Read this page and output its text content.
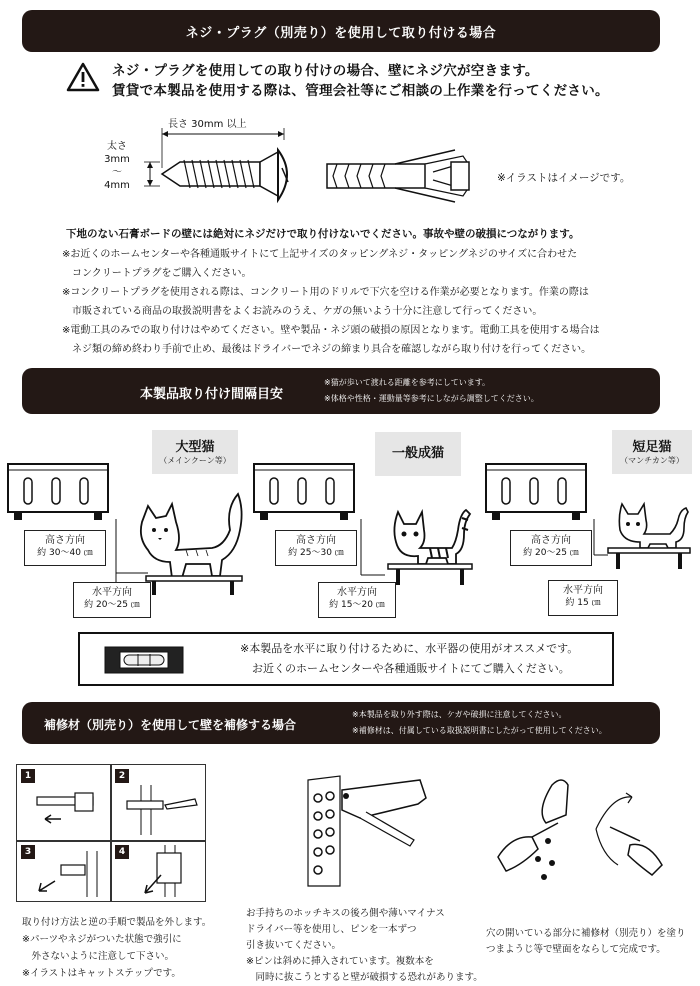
ネジ・プラグ（別売り）を使用して取り付ける場合
ネジ・プラグを使用しての取り付けの場合、壁にネジ穴が空きます。
賃貸で本製品を使用する際は、管理会社等にご相談の上作業を行ってください。
長さ 30mm 以上
太さ
3mm
～
4mm
※イラストはイメージです。
下地のない石膏ボードの壁には絶対にネジだけで取り付けないでください。事故や壁の破損につながります。
※お近くのホームセンターや各種通販サイトにて上記サイズのタッピングネジ・タッピングネジのサイズに合わせた
　コンクリートプラグをご購入ください。
※コンクリートプラグを使用される際は、コンクリート用のドリルで下穴を空ける作業が必要となります。作業の際は
　市販されている商品の取扱説明書をよくお読みのうえ、ケガの無いよう十分に注意して行ってください。
※電動工具のみでの取り付けはやめてください。壁や製品・ネジ頭の破損の原因となります。電動工具を使用する場合は
　ネジ類の締め終わり手前で止め、最後はドライバーでネジの締まり具合を確認しながら取り付けを行ってください。
本製品取り付け間隔目安
※猫が歩いて渡れる距離を参考にしています。
※体格や性格・運動量等参考にしながら調整してください。
大型猫
（メインクーン等）	一般成猫	短足猫
（マンチカン等）
高さ方向
約 30〜40 ㎝
水平方向
約 20〜25 ㎝
高さ方向
約 25〜30 ㎝
水平方向
約 15〜20 ㎝
高さ方向
約 20〜25 ㎝
水平方向
約 15 ㎝
※本製品を水平に取り付けるために、水平器の使用がオススメです。
お近くのホームセンターや各種通販サイトにてご購入ください。
補修材（別売り）を使用して壁を補修する場合
※本製品を取り外す際は、ケガや破損に注意してください。
※補修材は、付属している取扱説明書にしたがって使用してください。
1	2
3	4
取り付け方法と逆の手順で製品を外します。
※パーツやネジがついた状態で強引に
　外さないように注意して下さい。
※イラストはキャットステップです。
お手持ちのホッチキスの後ろ側や薄いマイナス
ドライバー等を使用し、ピンを一本ずつ
引き抜いてください。
※ピンは斜めに挿入されています。複数本を
　同時に抜こうとすると壁が破損する恐れがあります。
穴の開いている部分に補修材（別売り）を塗り
つまようじ等で壁面をならして完成です。
